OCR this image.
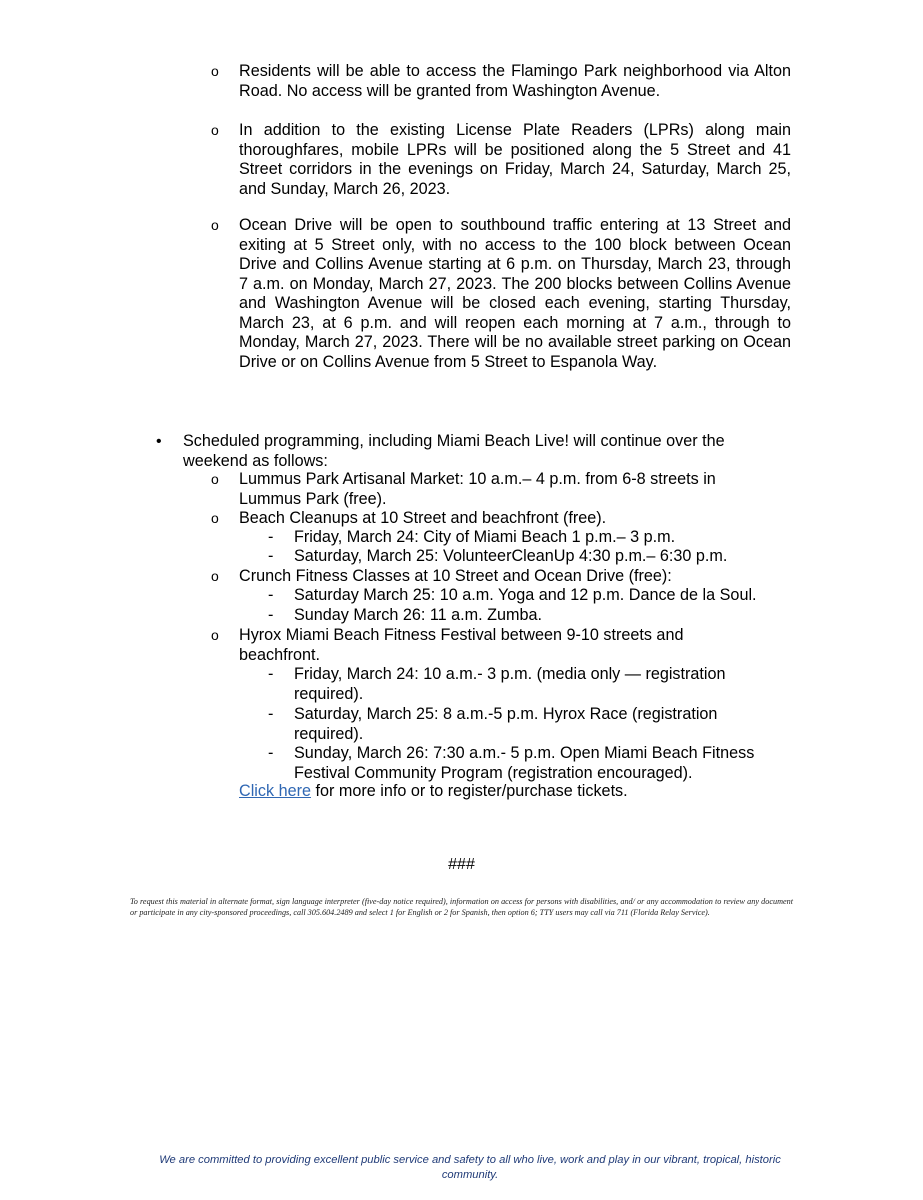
o Residents will be able to access the Flamingo Park neighborhood via Alton Road. No access will be granted from Washington Avenue.
o In addition to the existing License Plate Readers (LPRs) along main thoroughfares, mobile LPRs will be positioned along the 5 Street and 41 Street corridors in the evenings on Friday, March 24, Saturday, March 25, and Sunday, March 26, 2023.
o Ocean Drive will be open to southbound traffic entering at 13 Street and exiting at 5 Street only, with no access to the 100 block between Ocean Drive and Collins Avenue starting at 6 p.m. on Thursday, March 23, through 7 a.m. on Monday, March 27, 2023. The 200 blocks between Collins Avenue and Washington Avenue will be closed each evening, starting Thursday, March 23, at 6 p.m. and will reopen each morning at 7 a.m., through to Monday, March 27, 2023. There will be no available street parking on Ocean Drive or on Collins Avenue from 5 Street to Espanola Way.
• Scheduled programming, including Miami Beach Live! will continue over the weekend as follows:
o Lummus Park Artisanal Market: 10 a.m.– 4 p.m. from 6-8 streets in Lummus Park (free).
o Beach Cleanups at 10 Street and beachfront (free).
- Friday, March 24: City of Miami Beach 1 p.m.– 3 p.m.
- Saturday, March 25: VolunteerCleanUp 4:30 p.m.– 6:30 p.m.
o Crunch Fitness Classes at 10 Street and Ocean Drive (free):
- Saturday March 25: 10 a.m. Yoga and 12 p.m. Dance de la Soul.
- Sunday March 26: 11 a.m. Zumba.
o Hyrox Miami Beach Fitness Festival between 9-10 streets and beachfront.
- Friday, March 24: 10 a.m.- 3 p.m. (media only — registration required).
- Saturday, March 25: 8 a.m.-5 p.m. Hyrox Race (registration required).
- Sunday, March 26: 7:30 a.m.- 5 p.m. Open Miami Beach Fitness Festival Community Program (registration encouraged).
Click here for more info or to register/purchase tickets.
###
To request this material in alternate format, sign language interpreter (five-day notice required), information on access for persons with disabilities, and/ or any accommodation to review any document or participate in any city-sponsored proceedings, call 305.604.2489 and select 1 for English or 2 for Spanish, then option 6; TTY users may call via 711 (Florida Relay Service).
We are committed to providing excellent public service and safety to all who live, work and play in our vibrant, tropical, historic community.
